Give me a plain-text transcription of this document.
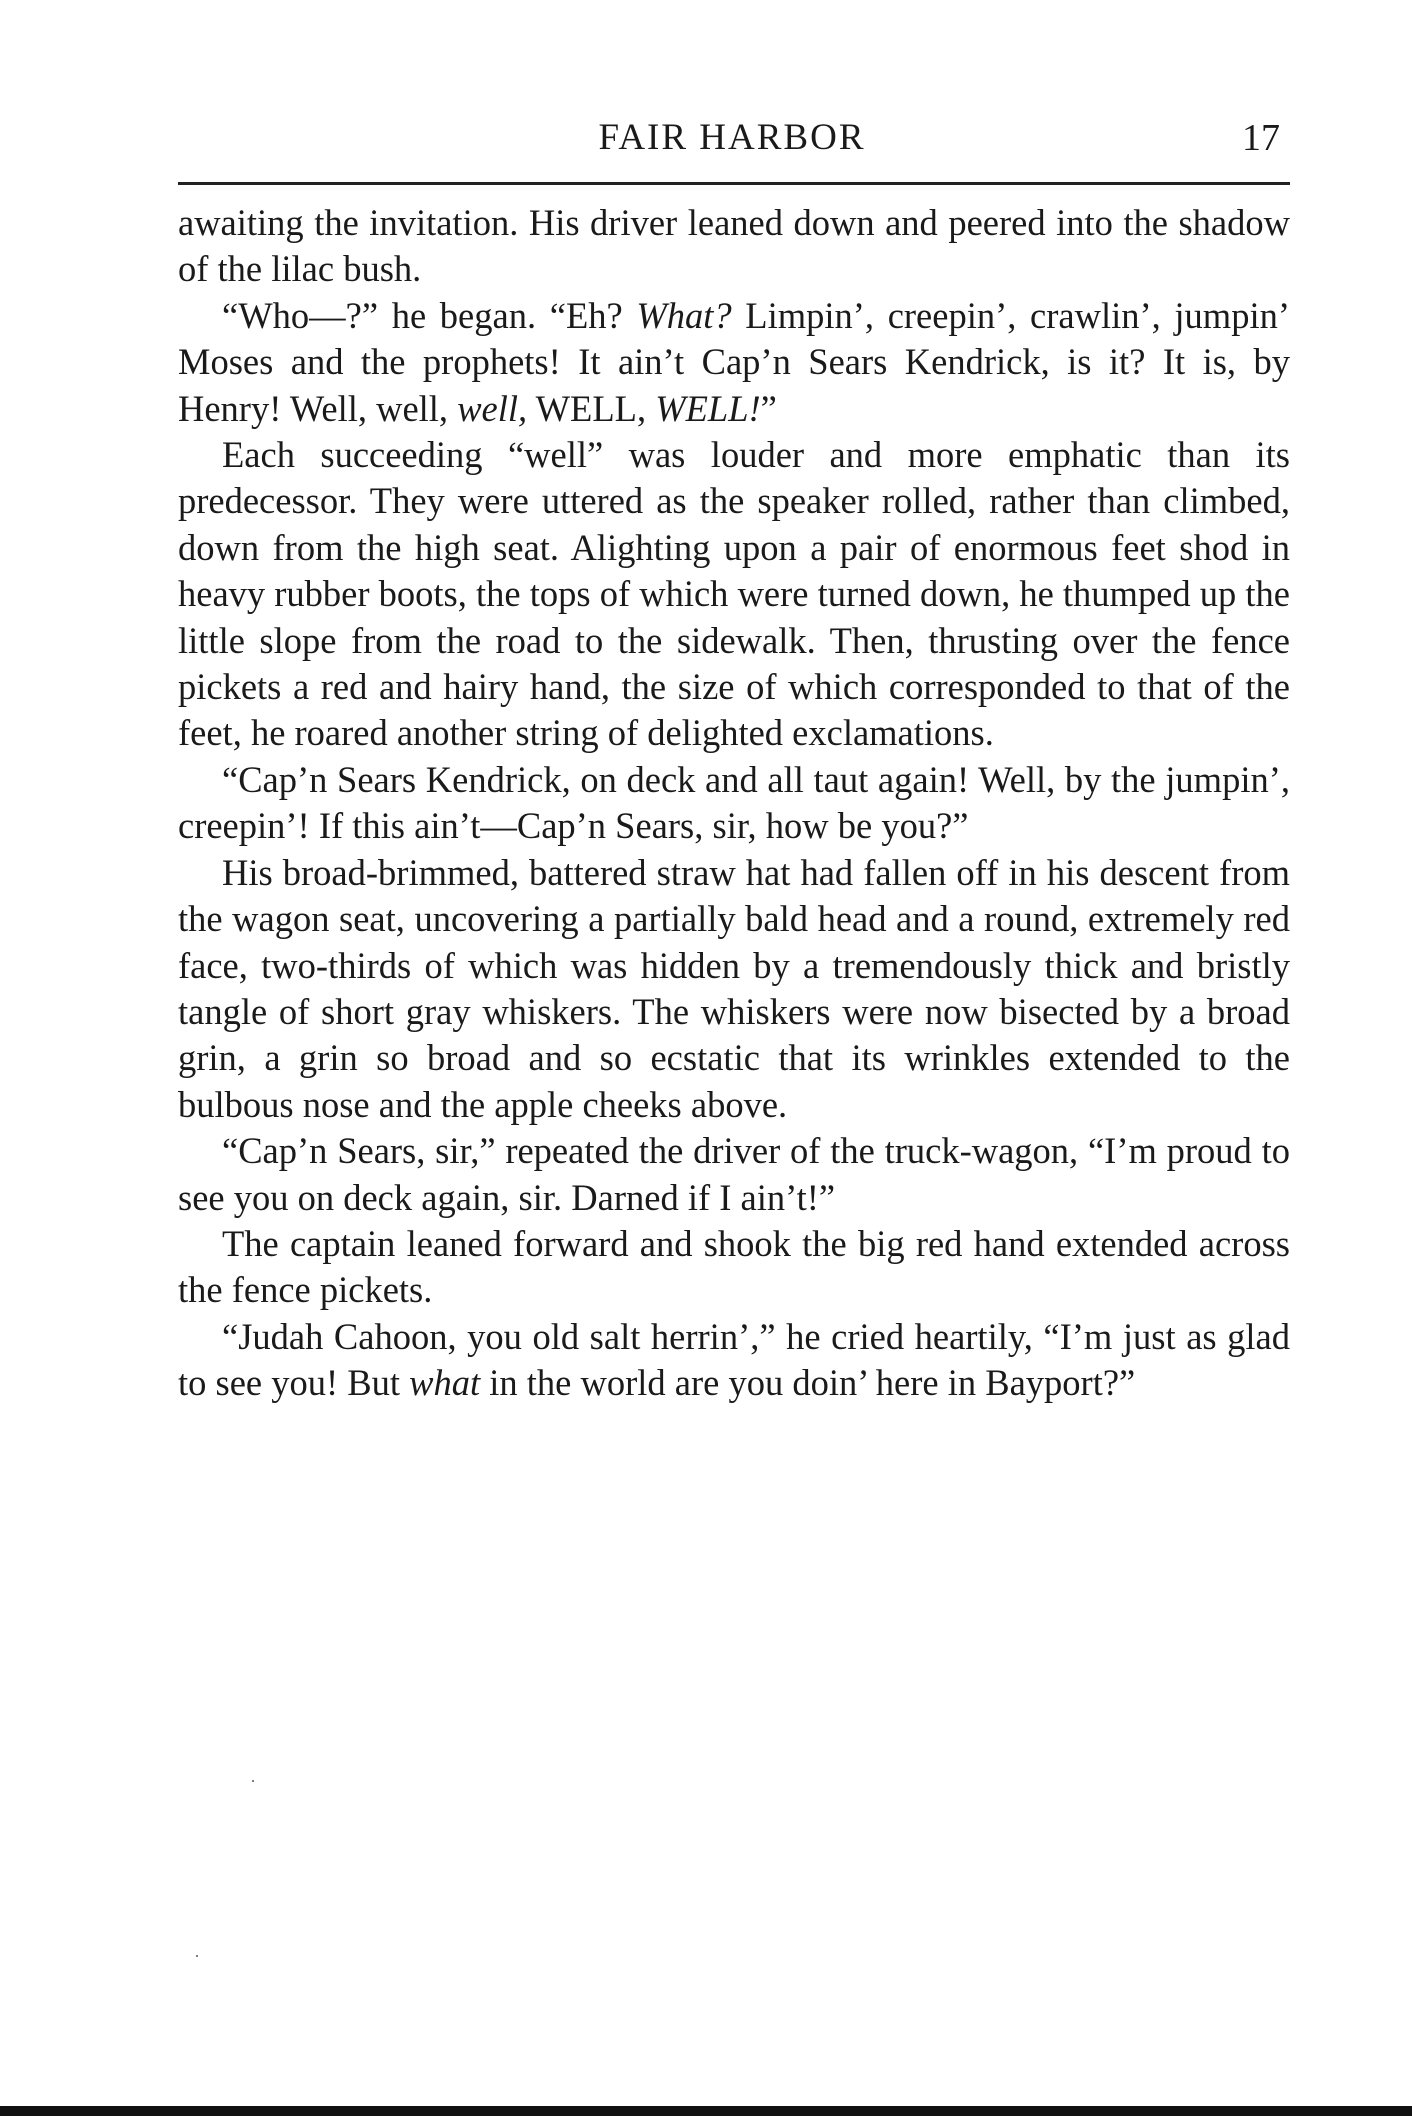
FAIR HARBOR	17

awaiting the invitation. His driver leaned down and peered into the shadow of the lilac bush.

“Who—?” he began. “Eh? What? Limpin’, creepin’, crawlin’, jumpin’ Moses and the prophets! It ain’t Cap’n Sears Kendrick, is it? It is, by Henry! Well, well, well, WELL, WELL!”

Each succeeding “well” was louder and more emphatic than its predecessor. They were uttered as the speaker rolled, rather than climbed, down from the high seat. Alighting upon a pair of enormous feet shod in heavy rubber boots, the tops of which were turned down, he thumped up the little slope from the road to the sidewalk. Then, thrusting over the fence pickets a red and hairy hand, the size of which corresponded to that of the feet, he roared another string of delighted exclamations.

“Cap’n Sears Kendrick, on deck and all taut again! Well, by the jumpin’, creepin’! If this ain’t—Cap’n Sears, sir, how be you?”

His broad-brimmed, battered straw hat had fallen off in his descent from the wagon seat, uncovering a partially bald head and a round, extremely red face, two-thirds of which was hidden by a tremendously thick and bristly tangle of short gray whiskers. The whiskers were now bisected by a broad grin, a grin so broad and so ecstatic that its wrinkles extended to the bulbous nose and the apple cheeks above.

“Cap’n Sears, sir,” repeated the driver of the truck-wagon, “I’m proud to see you on deck again, sir. Darned if I ain’t!”

The captain leaned forward and shook the big red hand extended across the fence pickets.

“Judah Cahoon, you old salt herrin’,” he cried heartily, “I’m just as glad to see you! But what in the world are you doin’ here in Bayport?”
